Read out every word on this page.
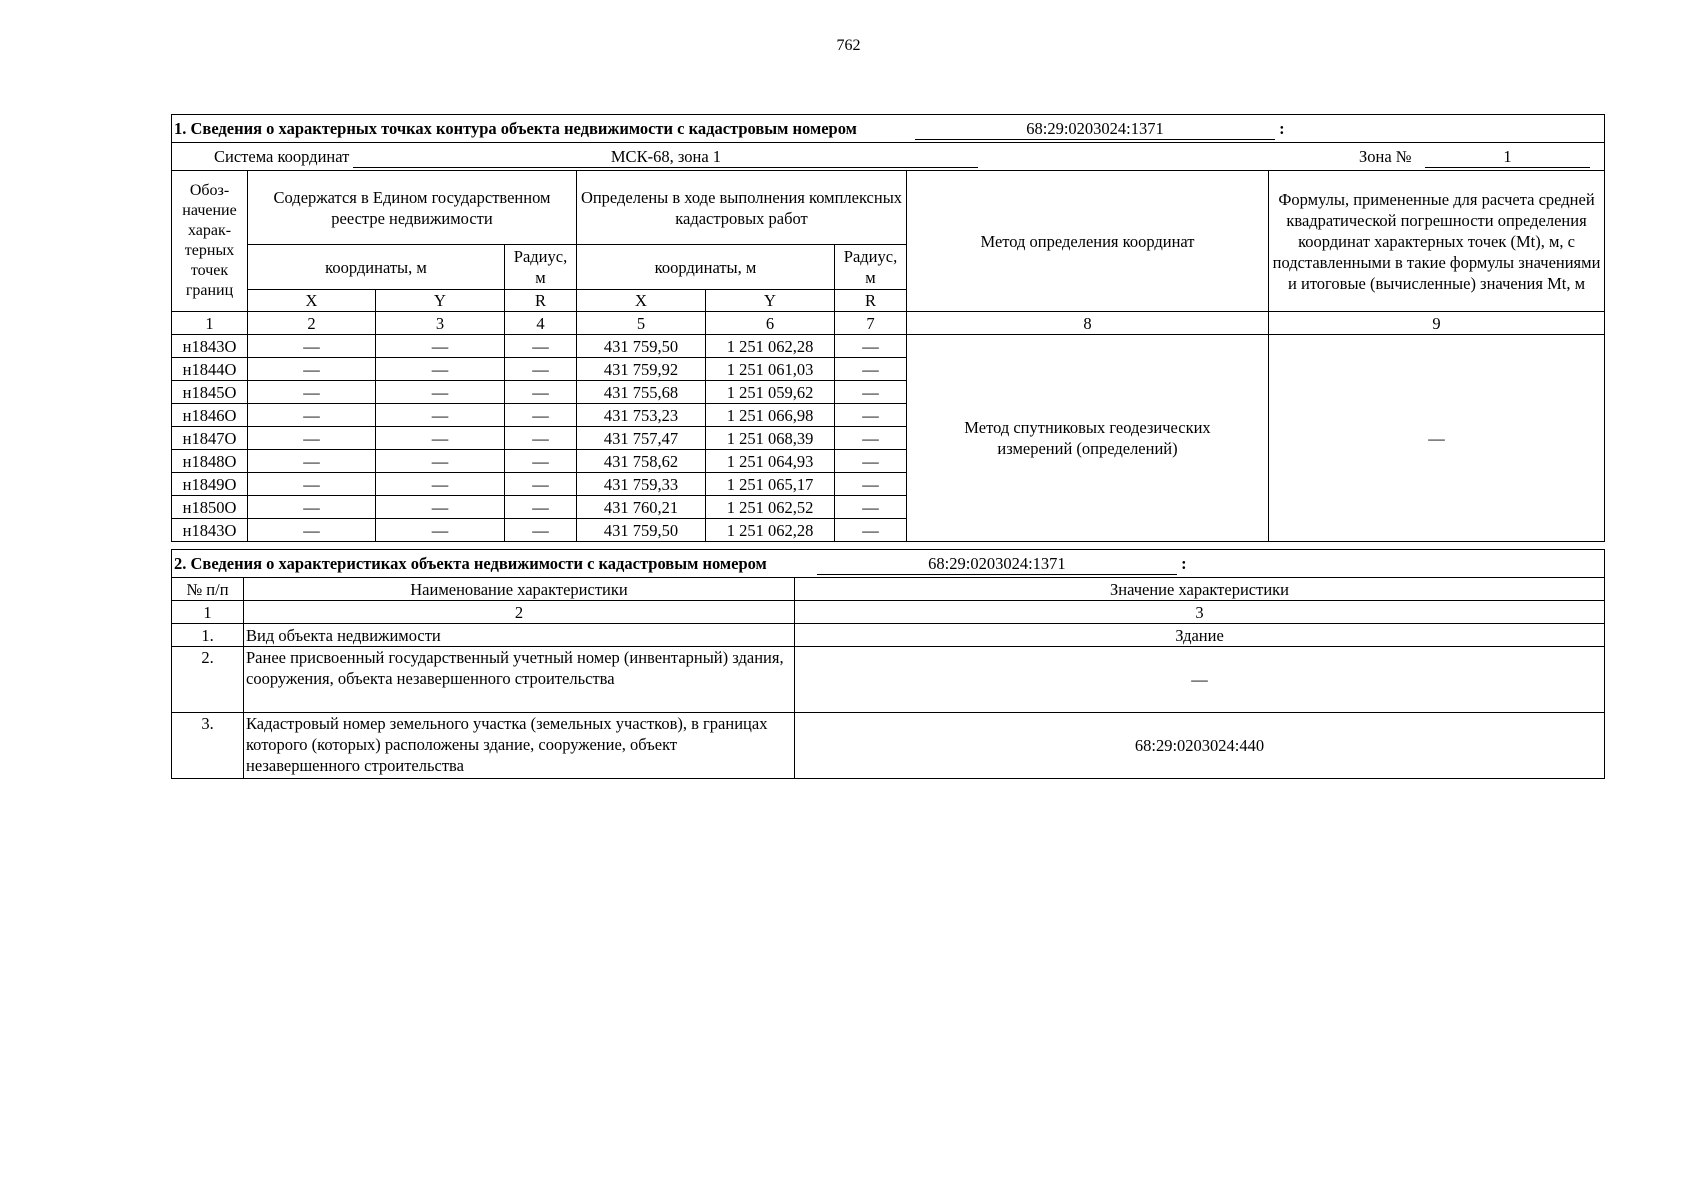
762
1. Сведения о характерных точках контура объекта недвижимости с кадастровым номером 68:29:0203024:1371 :								
Система координат МСК-68, зона 1 Зона № 1								

Обоз-начение харак-терных точек границ	Содержатся в Едином государственном реестре недвижимости			Определены в ходе выполнения комплексных кадастровых работ			Метод определения координат	Формулы, примененные для расчета средней квадратической погрешности определения координат характерных точек (Mt), м, с подставленными в такие формулы значениями и итоговые (вычисленные) значения Mt, м
	координаты, м		Радиус, м	координаты, м		Радиус, м		
	X	Y	R	X	Y	R		
1	2	3	4	5	6	7	8	9
н1843О	—	—	—	431 759,50	1 251 062,28	—	Метод спутниковых геодезических измерений (определений)	—
н1844О	—	—	—	431 759,92	1 251 061,03	—		
н1845О	—	—	—	431 755,68	1 251 059,62	—		
н1846О	—	—	—	431 753,23	1 251 066,98	—		
н1847О	—	—	—	431 757,47	1 251 068,39	—		
н1848О	—	—	—	431 758,62	1 251 064,93	—		
н1849О	—	—	—	431 759,33	1 251 065,17	—		
н1850О	—	—	—	431 760,21	1 251 062,52	—		
н1843О	—	—	—	431 759,50	1 251 062,28	—		
2. Сведения о характеристиках объекта недвижимости с кадастровым номером 68:29:0203024:1371 :		
№ п/п	Наименование характеристики	Значение характеристики
1	2	3
1.	Вид объекта недвижимости	Здание
2.	Ранее присвоенный государственный учетный номер (инвентарный) здания, сооружения, объекта незавершенного строительства	—
3.	Кадастровый номер земельного участка (земельных участков), в границах которого (которых) расположены здание, сооружение, объект незавершенного строительства	68:29:0203024:440
